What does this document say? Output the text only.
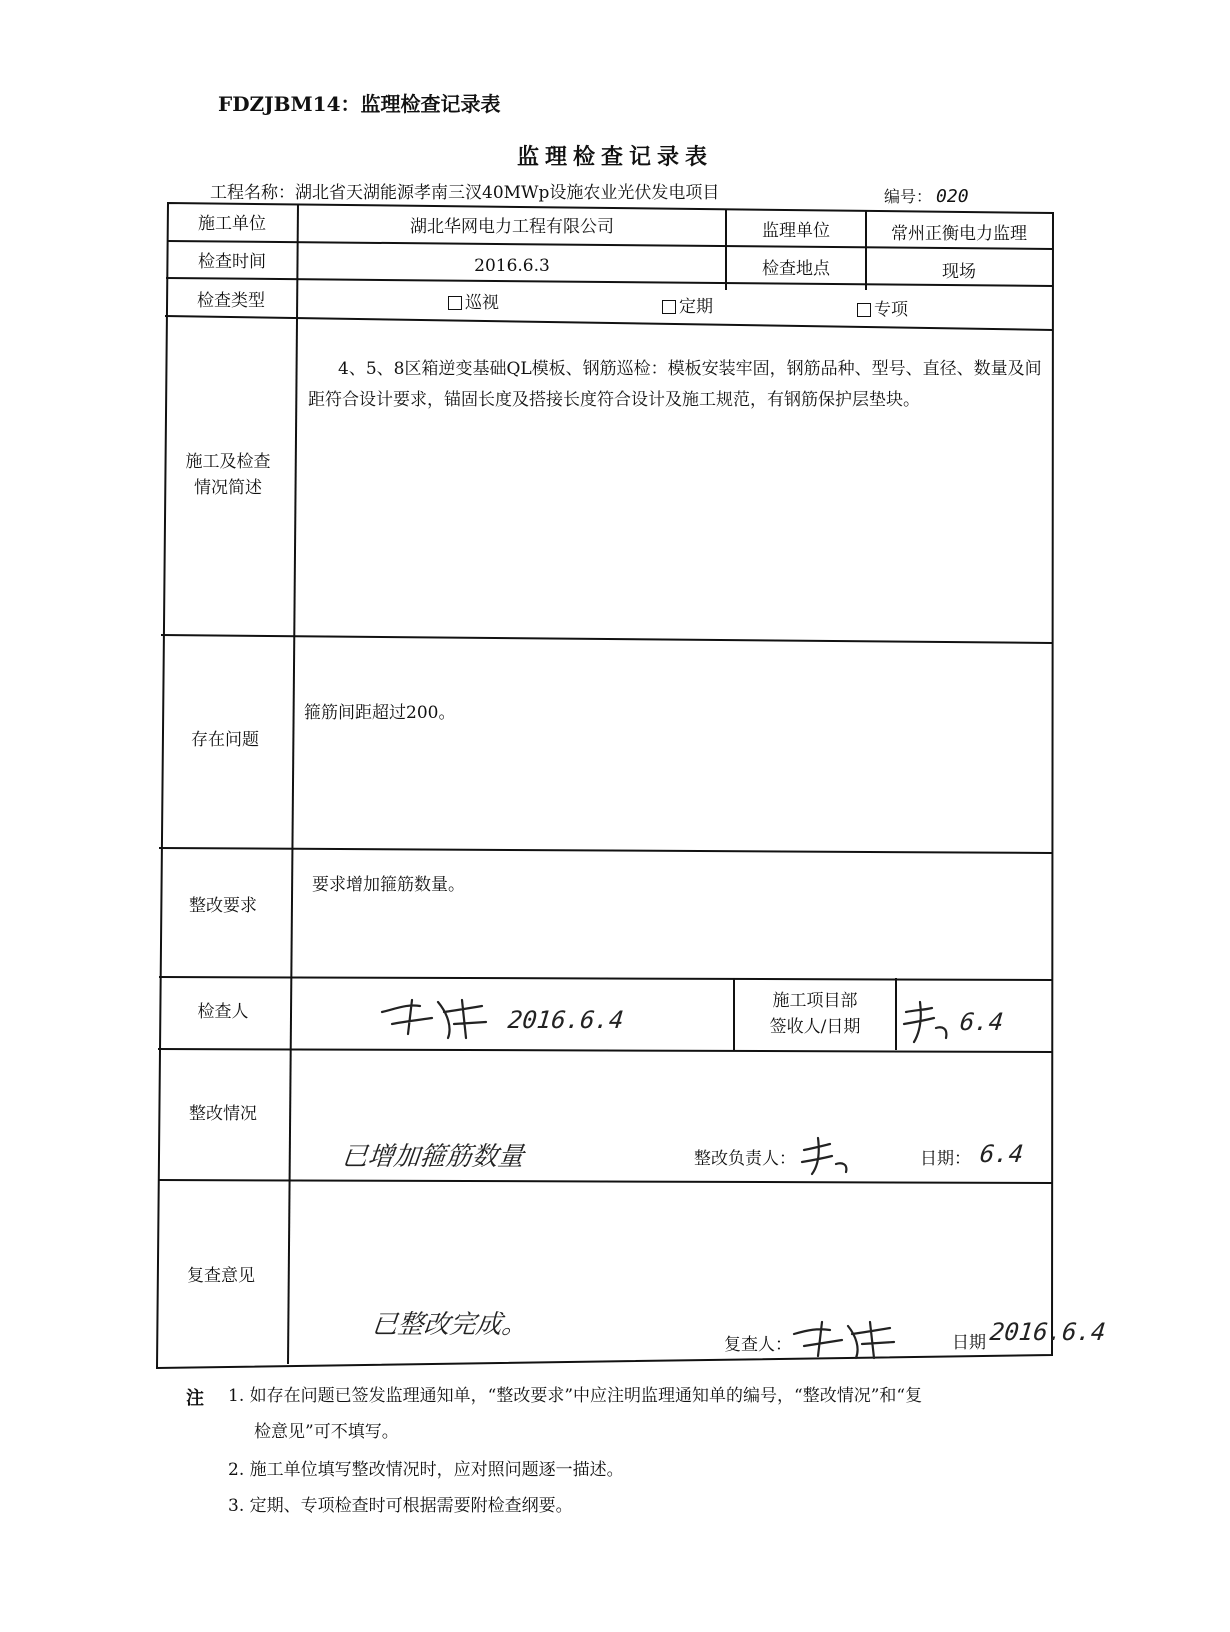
FDZJBM14：监理检查记录表
监理检查记录表
工程名称：湖北省天湖能源孝南三汊40MWp设施农业光伏发电项目	编号： 020
施工单位	湖北华网电力工程有限公司	监理单位	常州正衡电力监理
检查时间	2016.6.3	检查地点	现场
检查类型	巡视	定期	专项
施工及检查
情况简述
4、5、8区箱逆变基础QL模板、钢筋巡检：模板安装牢固，钢筋品种、型号、直径、数量及间距符合设计要求，锚固长度及搭接长度符合设计及施工规范，有钢筋保护层垫块。
存在问题
箍筋间距超过200。
整改要求
要求增加箍筋数量。
检查人	2016.6.4
施工项目部
签收人/日期	6.4
整改情况
已增加箍筋数量	整改负责人：	日期： 6.4
复查意见
已整改完成。
复查人：	日期 2016.6.4
注 1. 如存在问题已签发监理通知单，“整改要求”中应注明监理通知单的编号，“整改情况”和“复
检意见”可不填写。
2. 施工单位填写整改情况时，应对照问题逐一描述。
3. 定期、专项检查时可根据需要附检查纲要。
